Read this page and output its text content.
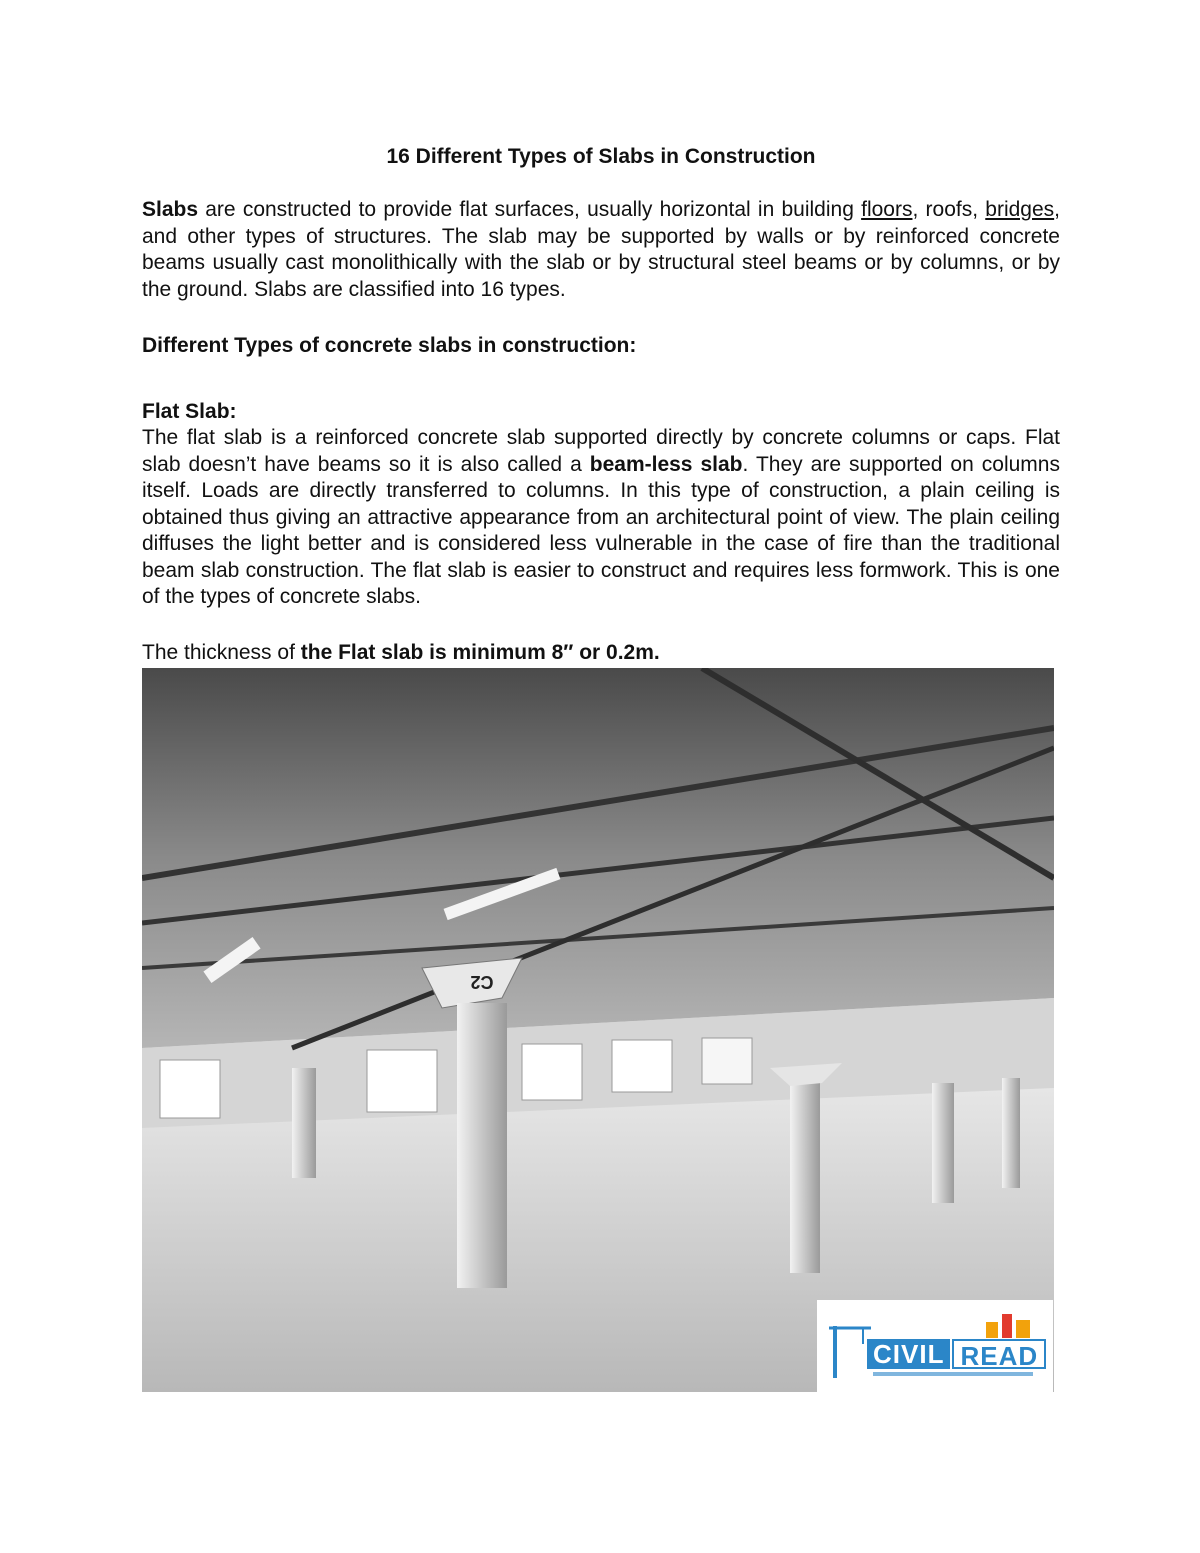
16 Different Types of Slabs in Construction

Slabs are constructed to provide flat surfaces, usually horizontal in building floors, roofs, bridges, and other types of structures. The slab may be supported by walls or by reinforced concrete beams usually cast monolithically with the slab or by structural steel beams or by columns, or by the ground. Slabs are classified into 16 types.

Different Types of concrete slabs in construction:
Flat Slab:

The flat slab is a reinforced concrete slab supported directly by concrete columns or caps. Flat slab doesn’t have beams so it is also called a beam-less slab. They are supported on columns itself. Loads are directly transferred to columns. In this type of construction, a plain ceiling is obtained thus giving an attractive appearance from an architectural point of view. The plain ceiling diffuses the light better and is considered less vulnerable in the case of fire than the traditional beam slab construction. The flat slab is easier to construct and requires less formwork. This is one of the types of concrete slabs.

The thickness of the Flat slab is minimum 8″ or 0.2m.
C2
CIVIL READ
